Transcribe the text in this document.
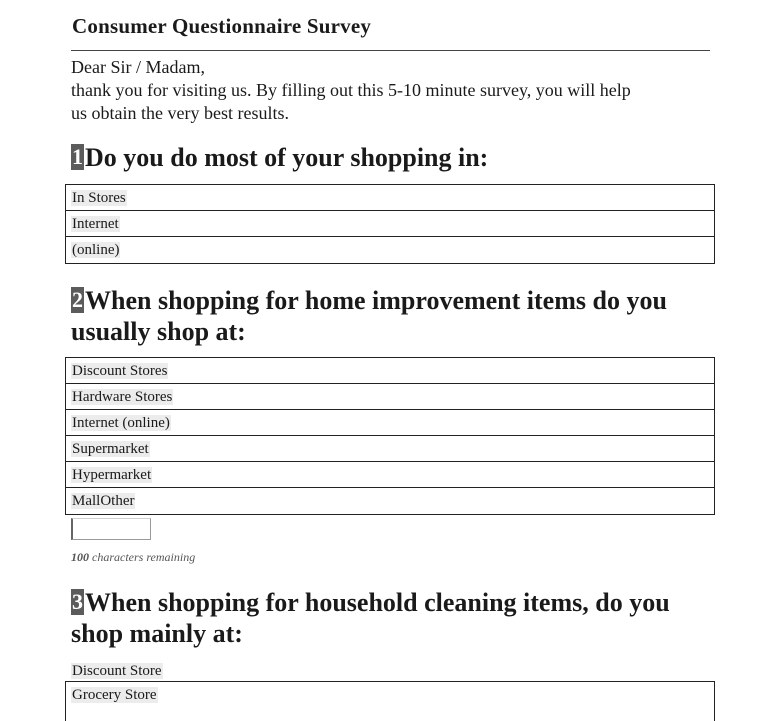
Consumer Questionnaire Survey
Dear Sir / Madam,
thank you for visiting us. By filling out this 5-10 minute survey, you will help
us obtain the very best results.
1Do you do most of your shopping in:
In Stores
Internet
(online)
2When shopping for home improvement items do you
usually shop at:
Discount Stores
Hardware Stores
Internet (online)
Supermarket
Hypermarket
MallOther
100 characters remaining
3When shopping for household cleaning items, do you
shop mainly at:
Discount Store
Grocery Store
